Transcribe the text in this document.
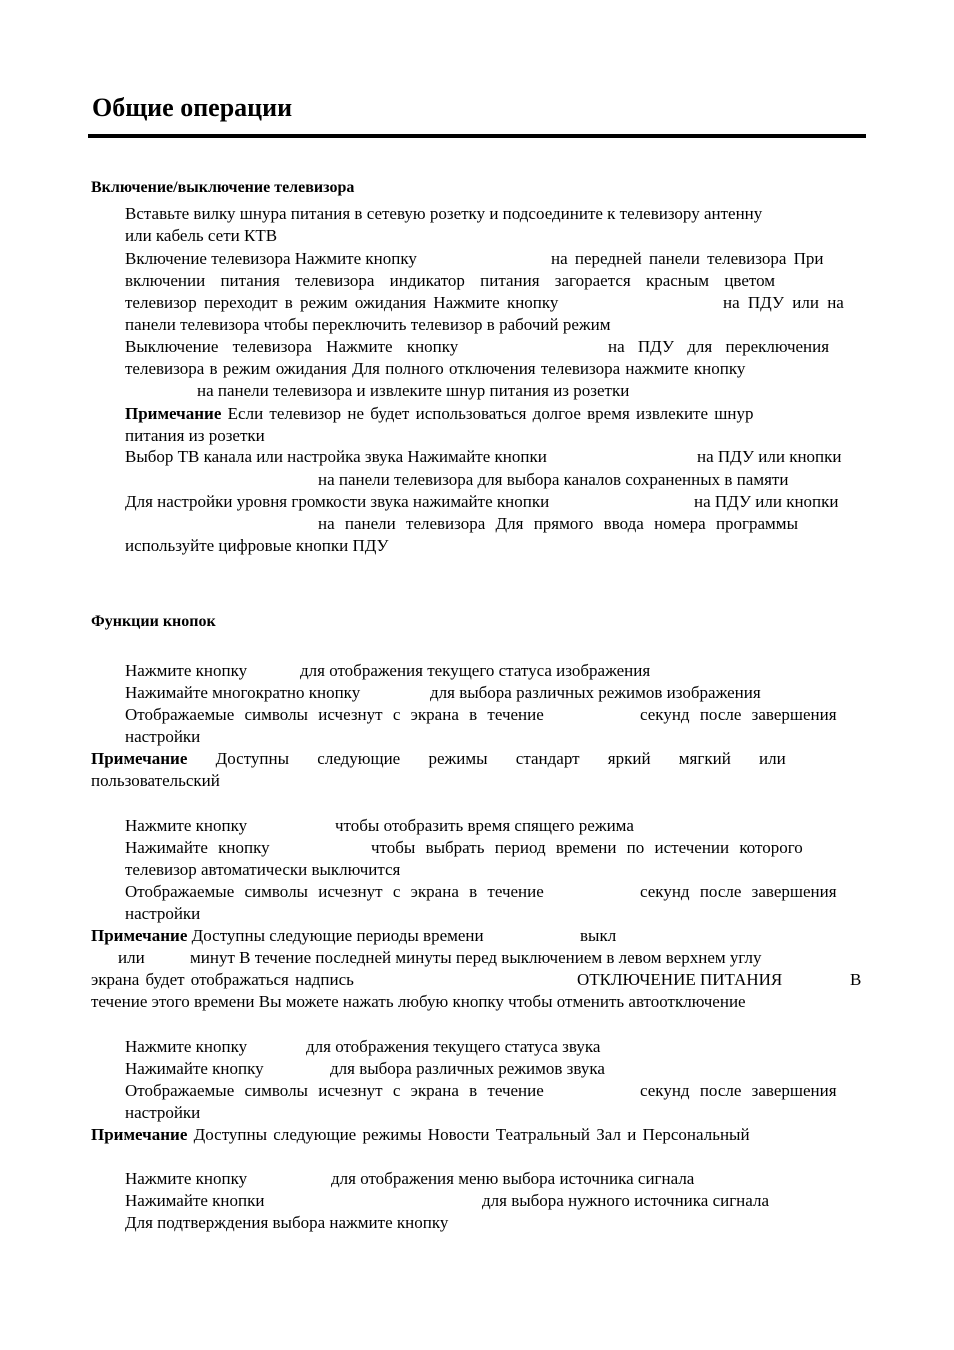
Общие операции
Включение/выключение телевизора

Вставьте вилку шнура питания в сетевую розетку и подсоедините к телевизору антенну

или кабель сети КТВ

Включение телевизора Нажмите кнопку	на передней панели телевизора При

включении питания телевизора индикатор питания загорается красным цветом

телевизор переходит в режим ожидания Нажмите кнопку	на ПДУ или на

панели телевизора чтобы переключить телевизор в рабочий режим

Выключение телевизора Нажмите кнопку	на ПДУ для переключения

телевизора в режим ожидания Для полного отключения телевизора нажмите кнопку

на панели телевизора и извлеките шнур питания из розетки

Примечание Если телевизор не будет использоваться долгое время извлеките шнур

питания из розетки

Выбор ТВ канала или настройка звука Нажимайте кнопки	на ПДУ или кнопки

на панели телевизора для выбора каналов сохраненных в памяти

Для настройки уровня громкости звука нажимайте кнопки	на ПДУ или кнопки

на панели телевизора Для прямого ввода номера программы

используйте цифровые кнопки ПДУ

Функции кнопок

Нажмите кнопку	для отображения текущего статуса изображения

Нажимайте многократно кнопку	для выбора различных режимов изображения

Отображаемые символы исчезнут с экрана в течение	секунд после завершения

настройки

Примечание Доступны следующие режимы стандарт яркий мягкий или

пользовательский

Нажмите кнопку	чтобы отобразить время спящего режима

Нажимайте кнопку	чтобы выбрать период времени по истечении которого

телевизор автоматически выключится

Отображаемые символы исчезнут с экрана в течение	секунд после завершения

настройки

Примечание Доступны следующие периоды времени	выкл

или	минут В течение последней минуты перед выключением в левом верхнем углу

экрана будет отображаться надпись	ОТКЛЮЧЕНИЕ ПИТАНИЯ	В

течение этого времени Вы можете нажать любую кнопку чтобы отменить автоотключение

Нажмите кнопку	для отображения текущего статуса звука

Нажимайте кнопку	для выбора различных режимов звука

Отображаемые символы исчезнут с экрана в течение	секунд после завершения

настройки

Примечание Доступны следующие режимы Новости Театральный Зал и Персональный

Нажмите кнопку	для отображения меню выбора источника сигнала

Нажимайте кнопки	для выбора нужного источника сигнала

Для подтверждения выбора нажмите кнопку
